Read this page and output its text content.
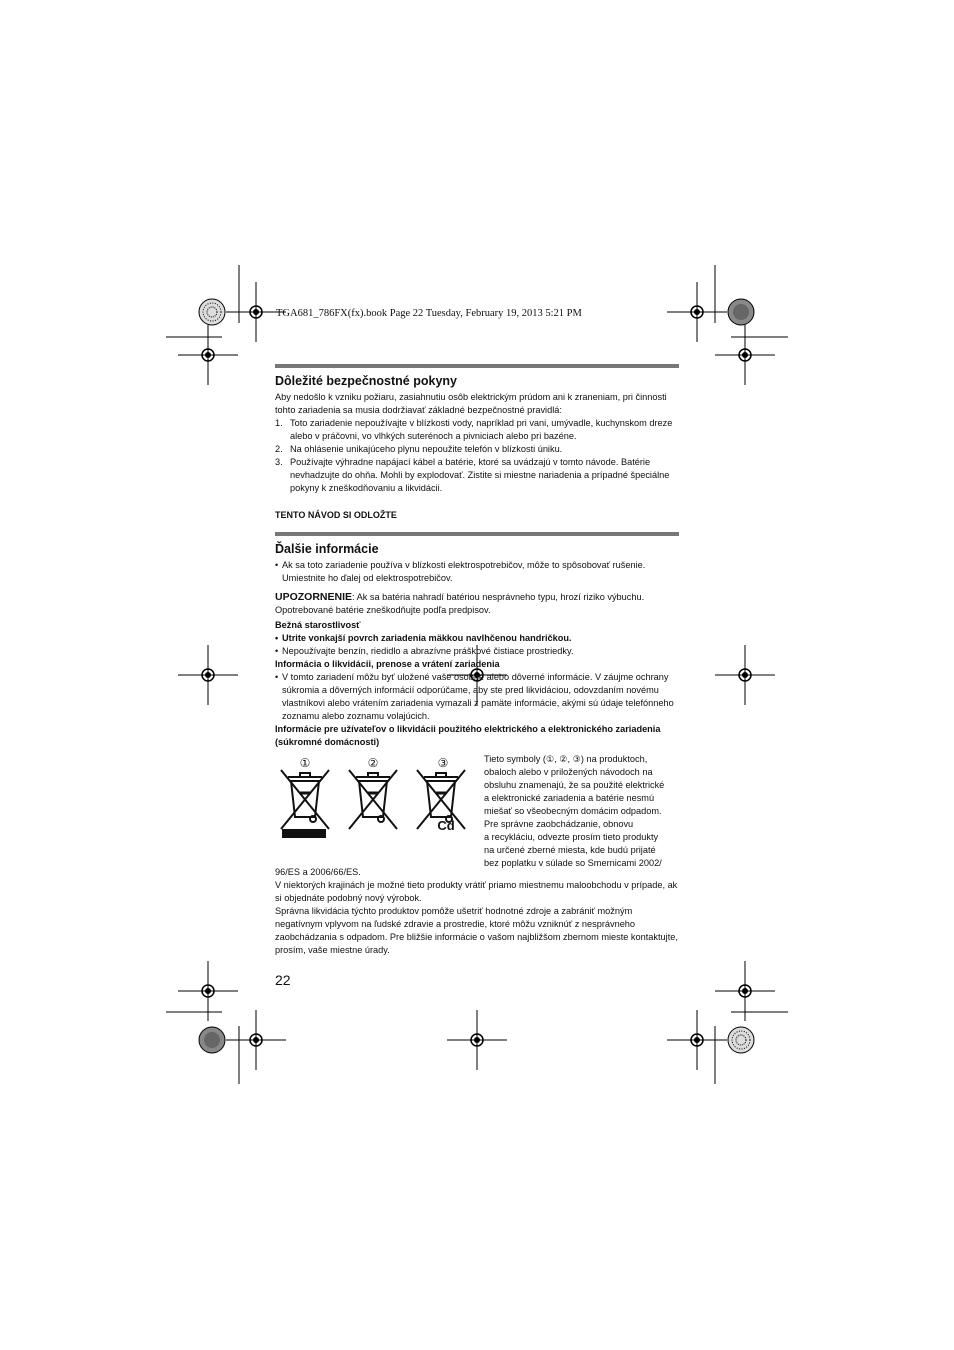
TGA681_786FX(fx).book Page 22 Tuesday, February 19, 2013 5:21 PM
Dôležité bezpečnostné pokyny

Aby nedošlo k vzniku požiaru, zasiahnutiu osôb elektrickým prúdom ani k zraneniam, pri činnosti tohto zariadenia sa musia dodržiavať základné bezpečnostné pravidlá:

1. Toto zariadenie nepoužívajte v blízkosti vody, napríklad pri vani, umývadle, kuchynskom dreze alebo v práčovni, vo vlhkých suterénoch a pivniciach alebo pri bazéne.
2. Na ohlásenie unikajúceho plynu nepoužite telefón v blízkosti úniku.
3. Používajte výhradne napájací kábel a batérie, ktoré sa uvádzajú v tomto návode. Batérie nevhadzujte do ohňa. Mohli by explodovať. Zistite si miestne nariadenia a prípadné špeciálne pokyny k zneškodňovaniu a likvidácii.

TENTO NÁVOD SI ODLOŽTE

Ďalšie informácie
• Ak sa toto zariadenie používa v blízkosti elektrospotrebičov, môže to spôsobovať rušenie. Umiestnite ho ďalej od elektrospotrebičov.

UPOZORNENIE: Ak sa batéria nahradí batériou nesprávneho typu, hrozí riziko výbuchu. Opotrebované batérie zneškodňujte podľa predpisov.

Bežná starostlivosť

• Utrite vonkajší povrch zariadenia mäkkou navlhčenou handričkou.
• Nepoužívajte benzín, riedidlo a abrazívne práškové čistiace prostriedky.

Informácia o likvidácii, prenose a vrátení zariadenia

• V tomto zariadení môžu byť uložené vaše osobné alebo dôverné informácie. V záujme ochrany súkromia a dôverných informácií odporúčame, aby ste pred likvidáciou, odovzdaním novému vlastníkovi alebo vrátením zariadenia vymazali z pamäte informácie, akými sú údaje telefónneho zoznamu alebo zoznamu volajúcich.

Informácie pre užívateľov o likvidácii použitého elektrického a elektronického zariadenia (súkromné domácnosti)

①	②	③
Cd
Tieto symboly (①, ②, ③) na produktoch,
obaloch alebo v priložených návodoch na
obsluhu znamenajú, že sa použité elektrické
a elektronické zariadenia a batérie nesmú
miešať so všeobecným domácim odpadom.
Pre správne zaobchádzanie, obnovu
a recykláciu, odvezte prosím tieto produkty
na určené zberné miesta, kde budú prijaté
bez poplatku v súlade so Smernicami 2002/

96/ES a 2006/66/ES.

V niektorých krajinách je možné tieto produkty vrátiť priamo miestnemu maloobchodu v prípade, ak si objednáte podobný nový výrobok.

Správna likvidácia týchto produktov pomôže ušetriť hodnotné zdroje a zabrániť možným negatívnym vplyvom na ľudské zdravie a prostredie, ktoré môžu vzniknúť z nesprávneho zaobchádzania s odpadom. Pre bližšie informácie o vašom najbližšom zbernom mieste kontaktujte, prosím, vaše miestne úrady.

22
